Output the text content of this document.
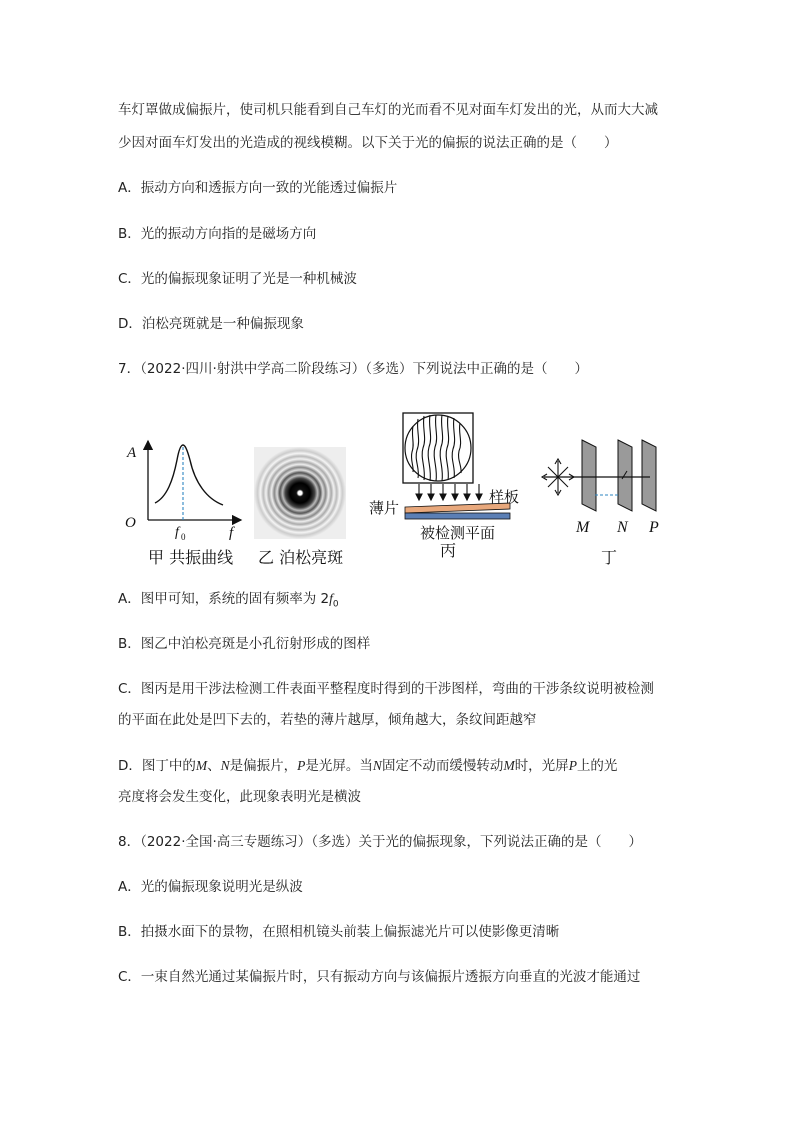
车灯罩做成偏振片，使司机只能看到自己车灯的光而看不见对面车灯发出的光，从而大大减
少因对面车灯发出的光造成的视线模糊。以下关于光的偏振的说法正确的是（　　）
A．振动方向和透振方向一致的光能透过偏振片
B．光的振动方向指的是磁场方向
C．光的偏振现象证明了光是一种机械波
D．泊松亮斑就是一种偏振现象
7．（2022·四川·射洪中学高二阶段练习）（多选）下列说法中正确的是（　　）
A
O
f
f 0
甲 共振曲线 乙 泊松亮斑
薄片
样板
被检测平面
丙
M N P
丁
A．图甲可知，系统的固有频率为 $2f_0$
B．图乙中泊松亮斑是小孔衍射形成的图样
C．图丙是用干涉法检测工件表面平整程度时得到的干涉图样，弯曲的干涉条纹说明被检测
的平面在此处是凹下去的，若垫的薄片越厚，倾角越大，条纹间距越窄
D．图丁中的M、N是偏振片，P是光屏。当N固定不动而缓慢转动M时，光屏P上的光
亮度将会发生变化，此现象表明光是横波
8．（2022·全国·高三专题练习）（多选）关于光的偏振现象，下列说法正确的是（　　）
A．光的偏振现象说明光是纵波
B．拍摄水面下的景物，在照相机镜头前装上偏振滤光片可以使影像更清晰
C．一束自然光通过某偏振片时，只有振动方向与该偏振片透振方向垂直的光波才能通过
